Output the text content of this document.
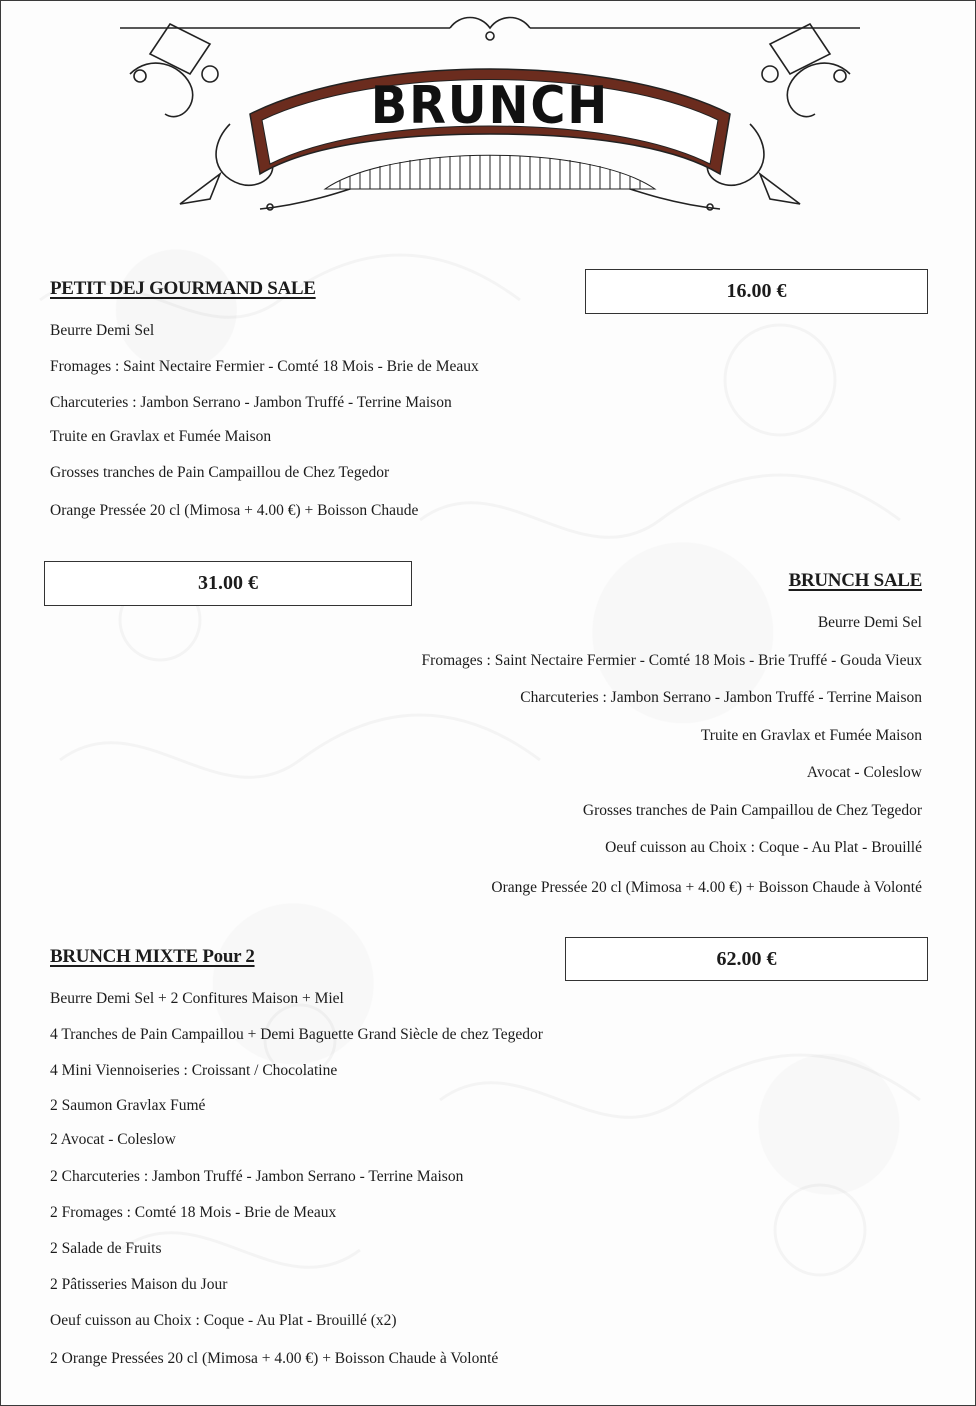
BRUNCH
PETIT DEJ GOURMAND SALE	16.00 €
Beurre Demi Sel
Fromages : Saint Nectaire Fermier - Comté 18 Mois - Brie de Meaux
Charcuteries : Jambon Serrano - Jambon Truffé - Terrine Maison
Truite en Gravlax et Fumée Maison
Grosses tranches de Pain Campaillou de Chez Tegedor
Orange Pressée 20 cl (Mimosa + 4.00 €) + Boisson Chaude
31.00 €	BRUNCH SALE
Beurre Demi Sel
Fromages : Saint Nectaire Fermier - Comté 18 Mois - Brie Truffé - Gouda Vieux
Charcuteries : Jambon Serrano - Jambon Truffé - Terrine Maison
Truite en Gravlax et Fumée Maison
Avocat - Coleslow
Grosses tranches de Pain Campaillou de Chez Tegedor
Oeuf cuisson au Choix : Coque - Au Plat - Brouillé
Orange Pressée 20 cl (Mimosa + 4.00 €) + Boisson Chaude à Volonté
BRUNCH MIXTE Pour 2	62.00 €
Beurre Demi Sel + 2 Confitures Maison + Miel
4 Tranches de Pain Campaillou + Demi Baguette Grand Siècle de chez Tegedor
4 Mini Viennoiseries : Croissant / Chocolatine
2 Saumon Gravlax Fumé
2 Avocat - Coleslow
2 Charcuteries : Jambon Truffé - Jambon Serrano - Terrine Maison
2 Fromages : Comté 18 Mois - Brie de Meaux
2 Salade de Fruits
2 Pâtisseries Maison du Jour
Oeuf cuisson au Choix : Coque - Au Plat - Brouillé (x2)
2 Orange Pressées 20 cl (Mimosa + 4.00 €) + Boisson Chaude à Volonté
